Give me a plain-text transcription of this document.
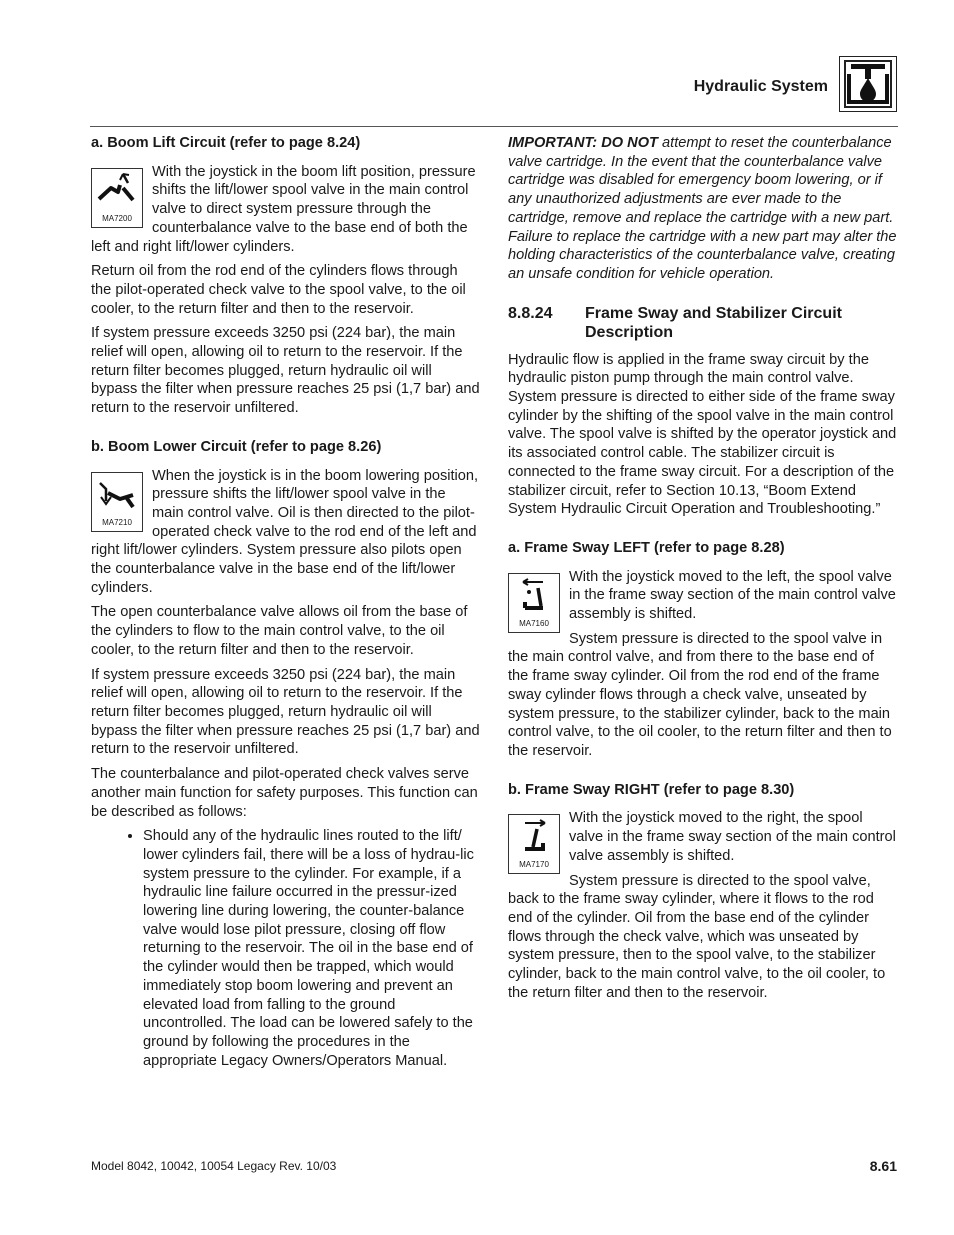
Hydraulic System
a. Boom Lift Circuit (refer to page 8.24)
MA7200

With the joystick in the boom lift position, pressure shifts the lift/lower spool valve in the main control valve to direct system pressure through the counterbalance valve to the base end of both the left and right lift/lower cylinders.

Return oil from the rod end of the cylinders flows through the pilot-operated check valve to the spool valve, to the oil cooler, to the return filter and then to the reservoir.

If system pressure exceeds 3250 psi (224 bar), the main relief will open, allowing oil to return to the reservoir. If the return filter becomes plugged, return hydraulic oil will bypass the filter when pressure reaches 25 psi (1,7 bar) and return to the reservoir unfiltered.

b. Boom Lower Circuit (refer to page 8.26)
MA7210

When the joystick is in the boom lowering position, pressure shifts the lift/lower spool valve in the main control valve. Oil is then directed to the pilot-operated check valve to the rod end of the left and right lift/lower cylinders. System pressure also pilots open the counterbalance valve in the base end of the lift/lower cylinders.

The open counterbalance valve allows oil from the base of the cylinders to flow to the main control valve, to the oil cooler, to the return filter and then to the reservoir.

If system pressure exceeds 3250 psi (224 bar), the main relief will open, allowing oil to return to the reservoir. If the return filter becomes plugged, return hydraulic oil will bypass the filter when pressure reaches 25 psi (1,7 bar) and return to the reservoir unfiltered.

The counterbalance and pilot-operated check valves serve another main function for safety purposes. This function can be described as follows:

• Should any of the hydraulic lines routed to the lift/ lower cylinders fail, there will be a loss of hydrau-lic system pressure to the cylinder. For example, if a hydraulic line failure occurred in the pressur-ized lowering line during lowering, the counter-balance valve would lose pilot pressure, closing off flow returning to the reservoir. The oil in the base end of the cylinder would then be trapped, which would immediately stop boom lowering and prevent an elevated load from falling to the ground uncontrolled. The load can be lowered safely to the ground by following the procedures in the appropriate Legacy Owners/Operators Manual.

IMPORTANT: DO NOT attempt to reset the counterbalance valve cartridge. In the event that the counterbalance valve cartridge was disabled for emergency boom lowering, or if any unauthorized adjustments are ever made to the cartridge, remove and replace the cartridge with a new part. Failure to replace the cartridge with a new part may alter the holding characteristics of the counterbalance valve, creating an unsafe condition for vehicle operation.

8.8.24	Frame Sway and Stabilizer Circuit Description

Hydraulic flow is applied in the frame sway circuit by the hydraulic piston pump through the main control valve. System pressure is directed to either side of the frame sway cylinder by the shifting of the spool valve in the main control valve. The spool valve is shifted by the operator joystick and its associated control cable. The stabilizer circuit is connected to the frame sway circuit. For a description of the stabilizer circuit, refer to Section 10.13, “Boom Extend System Hydraulic Circuit Operation and Troubleshooting.”

a. Frame Sway LEFT (refer to page 8.28)
MA7160

With the joystick moved to the left, the spool valve in the frame sway section of the main control valve assembly is shifted.

System pressure is directed to the spool valve in the main control valve, and from there to the base end of the frame sway cylinder. Oil from the rod end of the frame sway cylinder flows through a check valve, unseated by system pressure, to the stabilizer cylinder, back to the main control valve, to the oil cooler, to the return filter and then to the reservoir.

b. Frame Sway RIGHT (refer to page 8.30)
MA7170

With the joystick moved to the right, the spool valve in the frame sway section of the main control valve assembly is shifted.

System pressure is directed to the spool valve, back to the frame sway cylinder, where it flows to the rod end of the cylinder. Oil from the base end of the cylinder flows through the check valve, which was unseated by system pressure, then to the spool valve, to the stabilizer cylinder, back to the main control valve, to the oil cooler, to the return filter and then to the reservoir.

Model 8042, 10042, 10054 Legacy Rev. 10/03	8.61
